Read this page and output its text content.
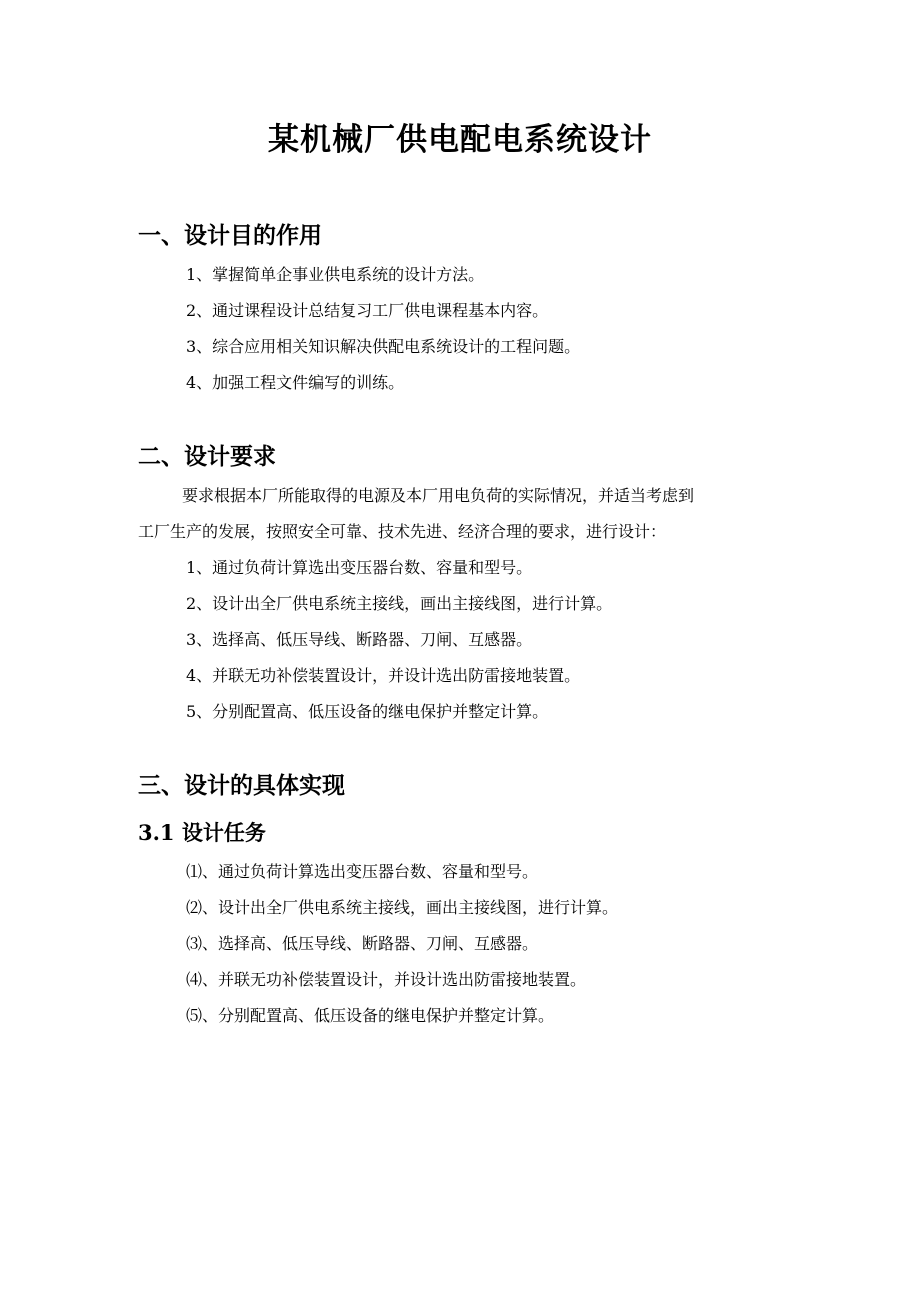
某机械厂供电配电系统设计
一、设计目的作用

1、掌握简单企事业供电系统的设计方法。

2、通过课程设计总结复习工厂供电课程基本内容。

3、综合应用相关知识解决供配电系统设计的工程问题。

4、加强工程文件编写的训练。

二、设计要求

要求根据本厂所能取得的电源及本厂用电负荷的实际情况，并适当考虑到

工厂生产的发展，按照安全可靠、技术先进、经济合理的要求，进行设计：

1、通过负荷计算选出变压器台数、容量和型号。

2、设计出全厂供电系统主接线，画出主接线图，进行计算。

3、选择高、低压导线、断路器、刀闸、互感器。

4、并联无功补偿装置设计，并设计选出防雷接地装置。

5、分别配置高、低压设备的继电保护并整定计算。

三、设计的具体实现
3.1 设计任务

⑴、通过负荷计算选出变压器台数、容量和型号。

⑵、设计出全厂供电系统主接线，画出主接线图，进行计算。

⑶、选择高、低压导线、断路器、刀闸、互感器。

⑷、并联无功补偿装置设计，并设计选出防雷接地装置。

⑸、分别配置高、低压设备的继电保护并整定计算。
